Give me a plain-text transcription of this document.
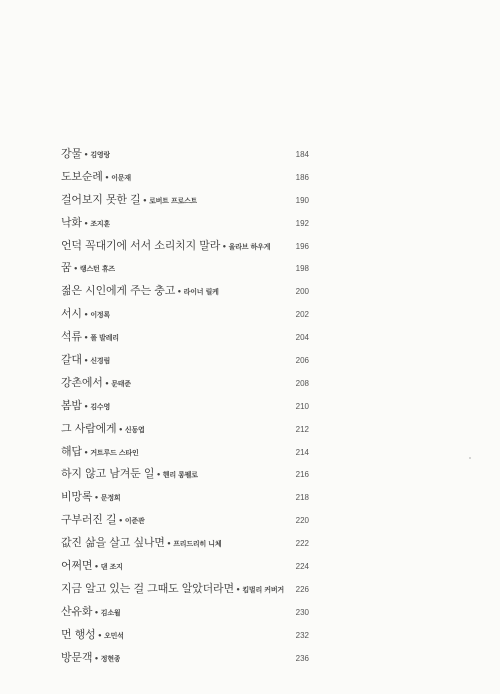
강물 • 김영랑	184
도보순례 • 이문재	186
걸어보지 못한 길 • 로버트 프로스트	190
낙화 • 조지훈	192
언덕 꼭대기에 서서 소리치지 말라 • 울라브 하우게	196
꿈 • 랭스턴 휴즈	198
젊은 시인에게 주는 충고 • 라이너 릴케	200
서시 • 이정록	202
석류 • 폴 발레리	204
갈대 • 신경림	206
강촌에서 • 문태준	208
봄밤 • 김수영	210
그 사람에게 • 신동엽	212
해답 • 거트루드 스타인	214
하지 않고 남겨둔 일 • 헨리 롱펠로	216
비망록 • 문정희	218
구부러진 길 • 이준관	220
값진 삶을 살고 싶나면 • 프리드리히 니체	222
어쩌면 • 댄 조지	224
지금 알고 있는 걸 그때도 알았더라면 • 킴벌리 커버거	226
산유화 • 김소월	230
먼 행성 • 오민석	232
방문객 • 정현종	236
